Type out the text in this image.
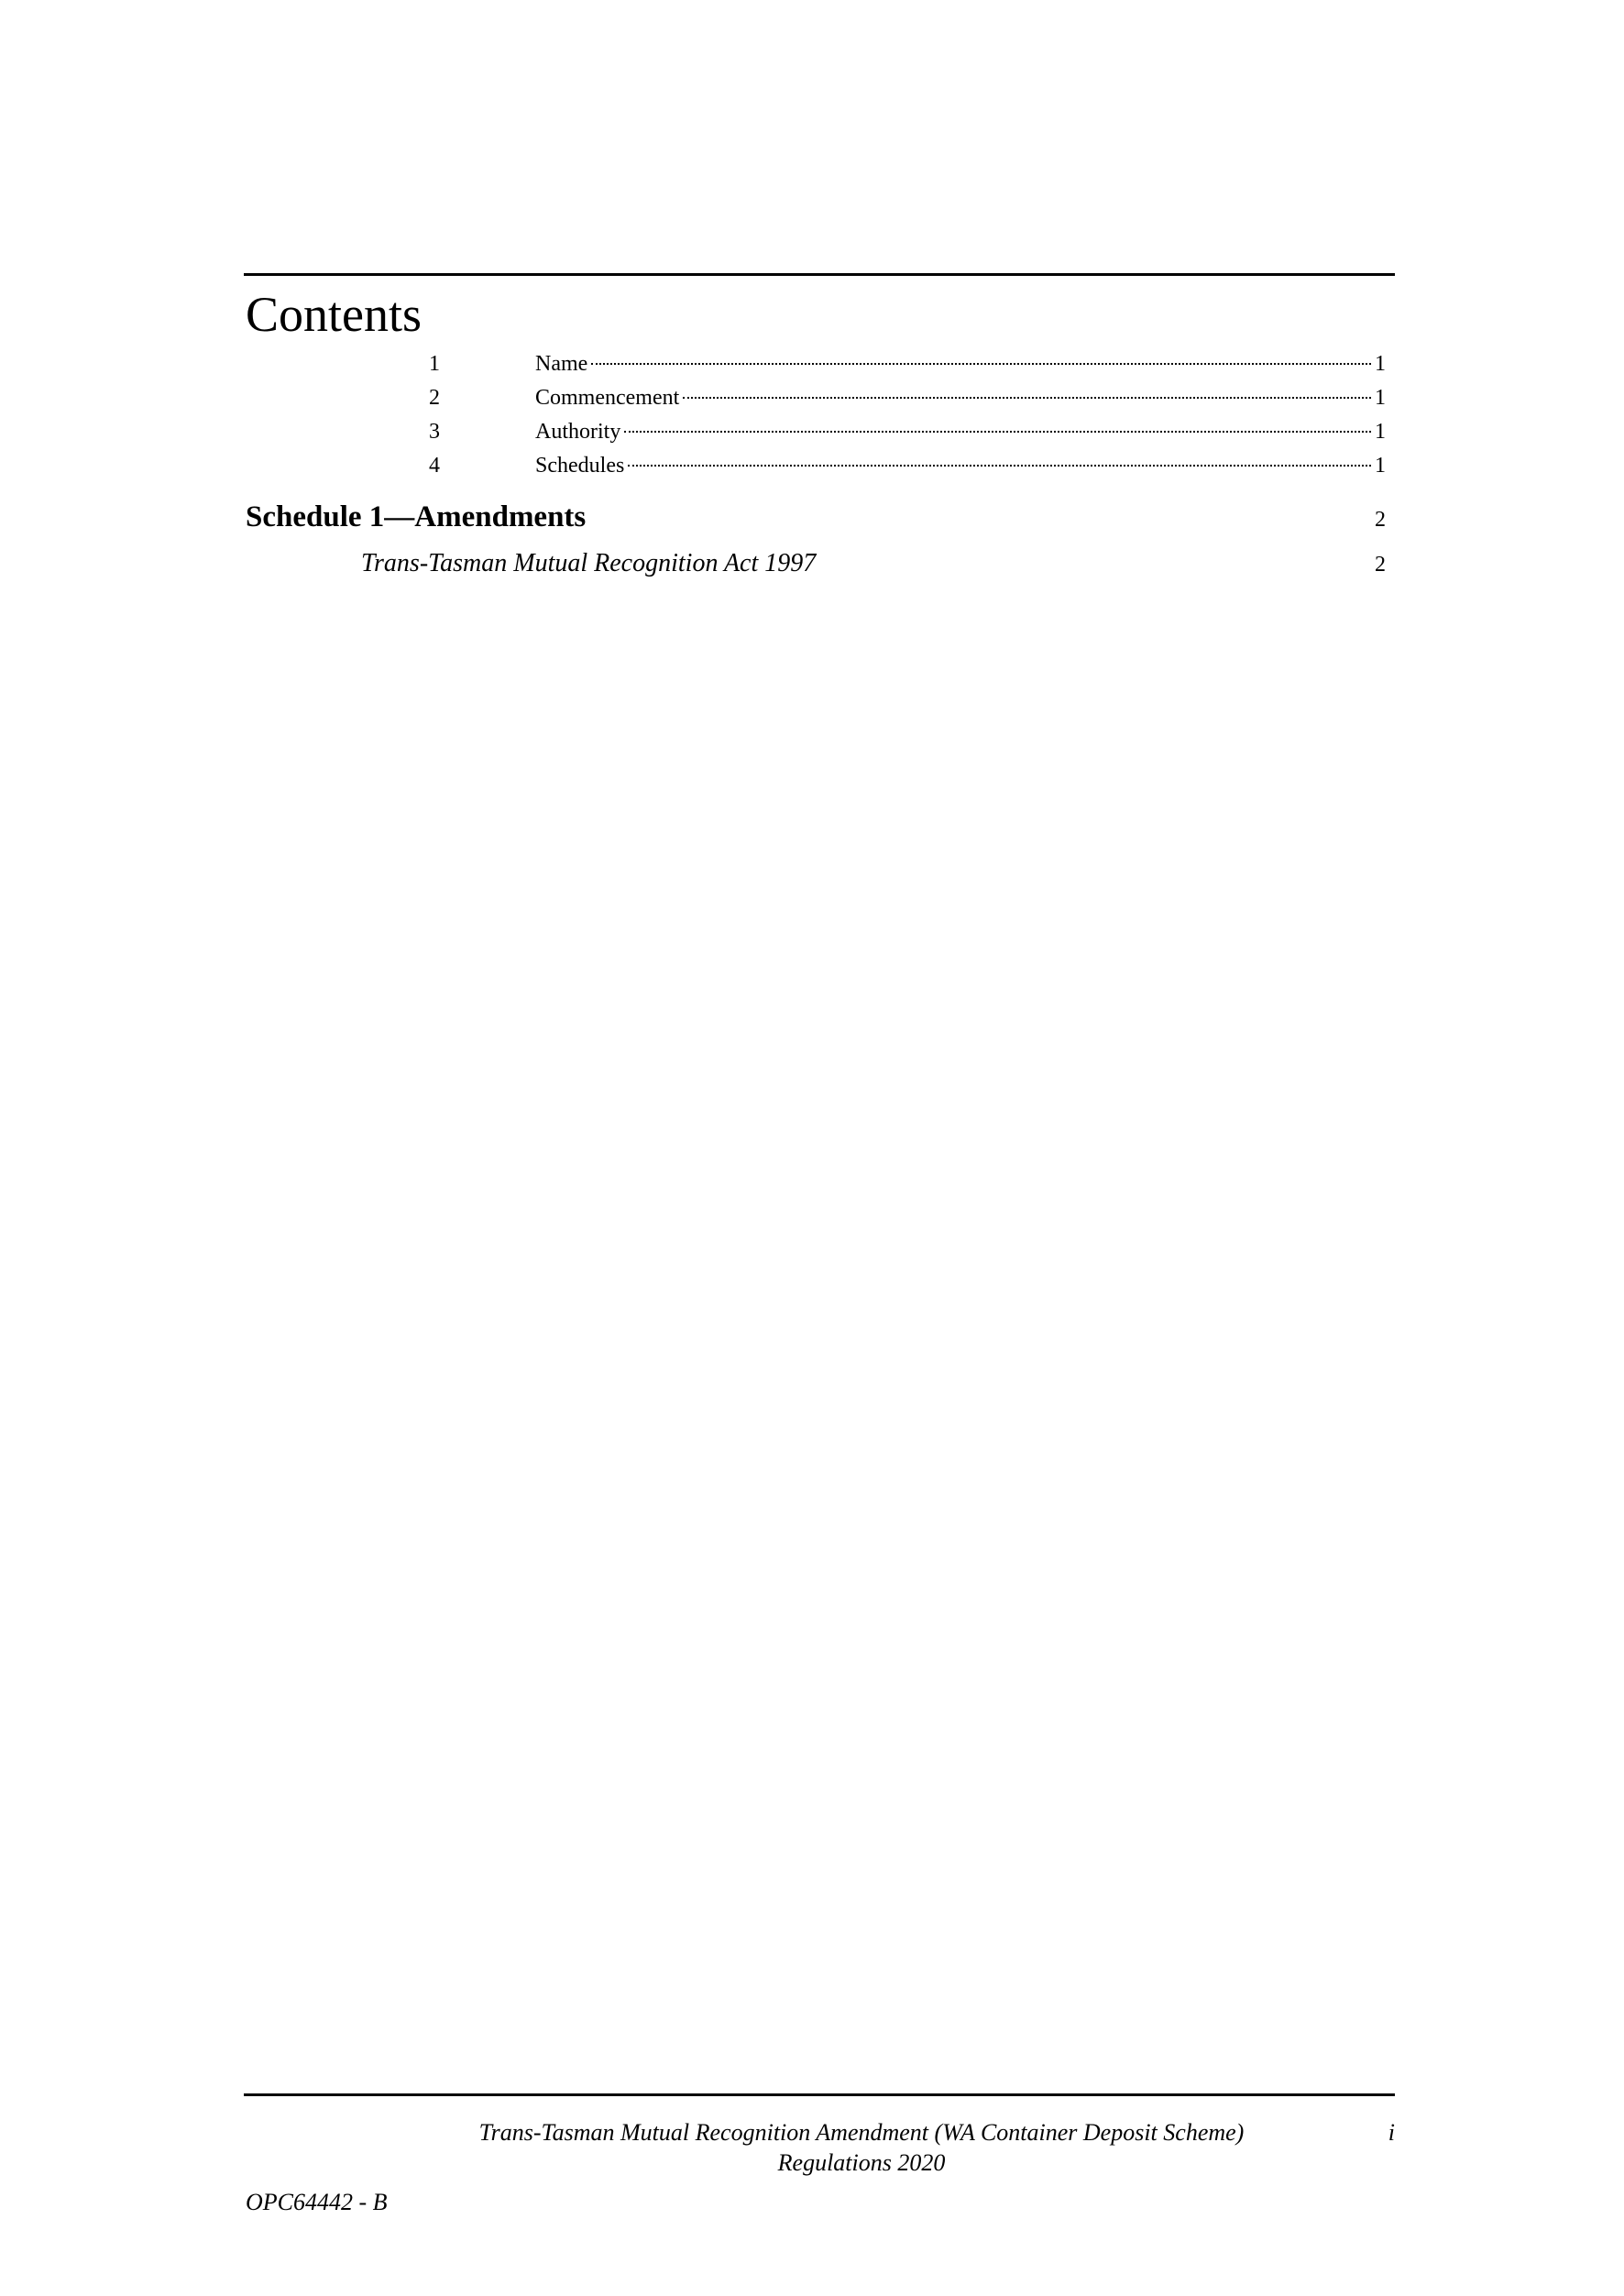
Contents
1	Name	1
2	Commencement	1
3	Authority	1
4	Schedules	1
Schedule 1—Amendments	2
Trans-Tasman Mutual Recognition Act 1997	2
Trans-Tasman Mutual Recognition Amendment (WA Container Deposit Scheme)
Regulations 2020
i
OPC64442 - B
